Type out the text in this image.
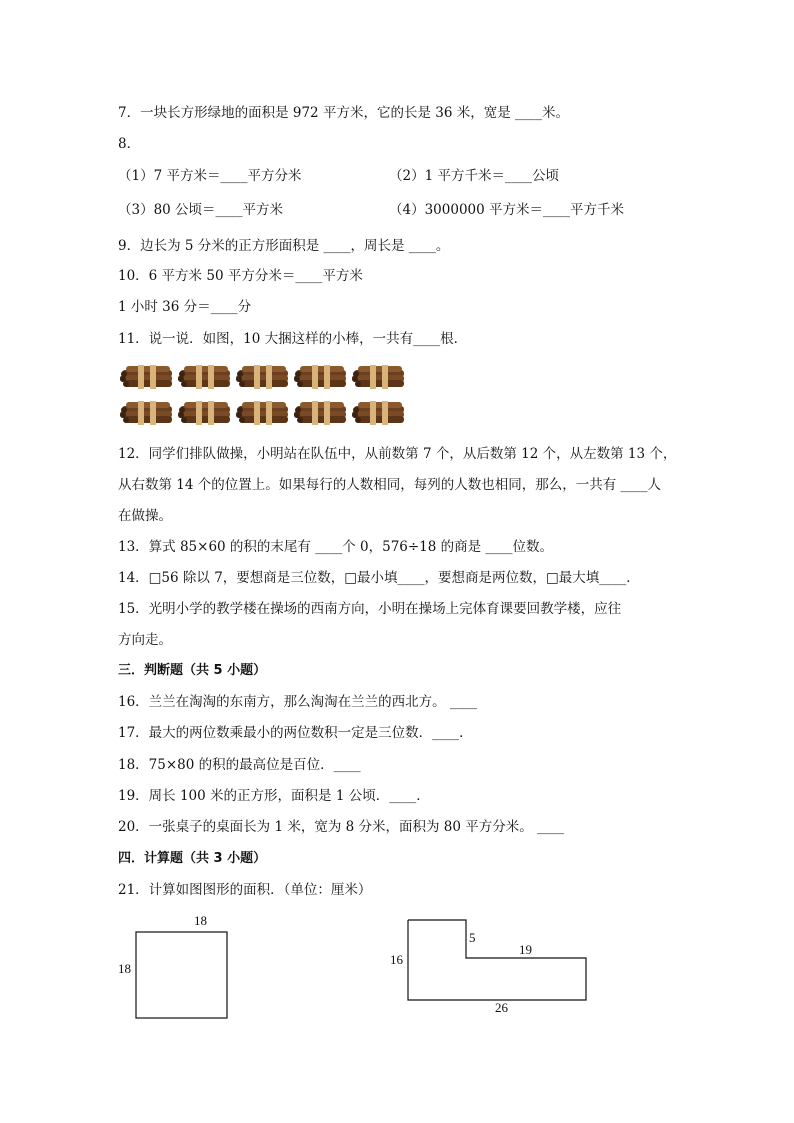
7．一块长方形绿地的面积是 972 平方米，它的长是 36 米，宽是 ____米。
8．
（1）7 平方米＝____平方分米	（2）1 平方千米＝____公顷
（3）80 公顷＝____平方米	（4）3000000 平方米＝____平方千米
9．边长为 5 分米的正方形面积是 ____，周长是 ____。
10．6 平方米 50 平方分米＝____平方米
1 小时 36 分＝____分
11．说一说．如图，10 大捆这样的小棒，一共有____根．
12．同学们排队做操，小明站在队伍中，从前数第 7 个，从后数第 12 个，从左数第 13 个，
从右数第 14 个的位置上。如果每行的人数相同，每列的人数也相同，那么，一共有 ____人
在做操。
13．算式 85×60 的积的末尾有 ____个 0，576÷18 的商是 ____位数。
14．□56 除以 7，要想商是三位数，□最小填____，要想商是两位数，□最大填____．
15．光明小学的教学楼在操场的西南方向，小明在操场上完体育课要回教学楼，应往
方向走。
三．判断题（共 5 小题）
16．兰兰在淘淘的东南方，那么淘淘在兰兰的西北方。 ____
17．最大的两位数乘最小的两位数积一定是三位数．____．
18．75×80 的积的最高位是百位．____
19．周长 100 米的正方形，面积是 1 公顷．____．
20．一张桌子的桌面长为 1 米，宽为 8 分米，面积为 80 平方分米。 ____
四．计算题（共 3 小题）
21．计算如图图形的面积．（单位：厘米）
18
18
16
5
19
26
